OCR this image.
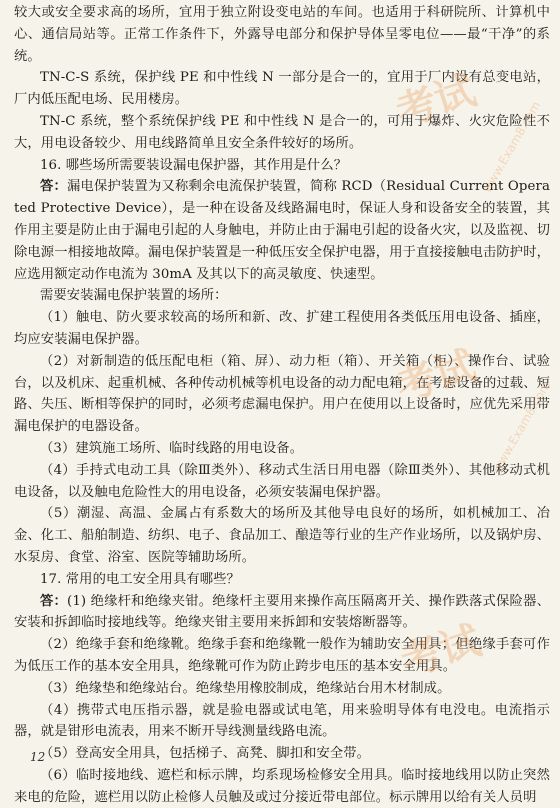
较大或安全要求高的场所，宜用于独立附设变电站的车间。也适用于科研院所、计算机中心、通信局站等。正常工作条件下，外露导电部分和保护导体呈零电位——最“干净”的系统。

TN-C-S 系统，保护线 PE 和中性线 N 一部分是合一的，宜用于厂内设有总变电站，厂内低压配电场、民用楼房。

TN-C 系统，整个系统保护线 PE 和中性线 N 是合一的，可用于爆炸、火灾危险性不大，用电设备较少、用电线路简单且安全条件较好的场所。

16. 哪些场所需要装设漏电保护器，其作用是什么？

答：漏电保护装置为又称剩余电流保护装置，简称 RCD（Residual Current Operated Protective Device），是一种在设备及线路漏电时，保证人身和设备安全的装置，其作用主要是防止由于漏电引起的人身触电，并防止由于漏电引起的设备火灾，以及监视、切除电源一相接地故障。漏电保护装置是一种低压安全保护电器，用于直接接触电击防护时，应选用额定动作电流为 30mA 及其以下的高灵敏度、快速型。

需要安装漏电保护装置的场所：

（1）触电、防火要求较高的场所和新、改、扩建工程使用各类低压用电设备、插座，均应安装漏电保护器。

（2）对新制造的低压配电柜（箱、屏）、动力柜（箱）、开关箱（柜）、操作台、试验台，以及机床、起重机械、各种传动机械等机电设备的动力配电箱，在考虑设备的过载、短路、失压、断相等保护的同时，必须考虑漏电保护。用户在使用以上设备时，应优先采用带漏电保护的电器设备。

（3）建筑施工场所、临时线路的用电设备。

（4）手持式电动工具（除Ⅲ类外）、移动式生活日用电器（除Ⅲ类外）、其他移动式机电设备，以及触电危险性大的用电设备，必须安装漏电保护器。

（5）潮湿、高温、金属占有系数大的场所及其他导电良好的场所，如机械加工、冶金、化工、船舶制造、纺织、电子、食品加工、酿造等行业的生产作业场所，以及锅炉房、水泵房、食堂、浴室、医院等辅助场所。

17. 常用的电工安全用具有哪些？

答：(1) 绝缘杆和绝缘夹钳。绝缘杆主要用来操作高压隔离开关、操作跌落式保险器、安装和拆卸临时接地线等。绝缘夹钳主要用来拆卸和安装熔断器等。

（2）绝缘手套和绝缘靴。绝缘手套和绝缘靴一般作为辅助安全用具；但绝缘手套可作为低压工作的基本安全用具，绝缘靴可作为防止跨步电压的基本安全用具。

（3）绝缘垫和绝缘站台。绝缘垫用橡胶制成，绝缘站台用木材制成。

（4）携带式电压指示器，就是验电器或试电笔，用来验明导体有电没电。电流指示器，就是钳形电流表，用来不断开导线测量线路电流。

（5）登高安全用具，包括梯子、高凳、脚扣和安全带。

（6）临时接地线、遮栏和标示牌，均系现场检修安全用具。临时接地线用以防止突然来电的危险，遮栏用以防止检修人员触及或过分接近带电部位。标示牌用以给有关人员明

考试
考试
考试
www.Exam8.com
www.Exam8.com
12
